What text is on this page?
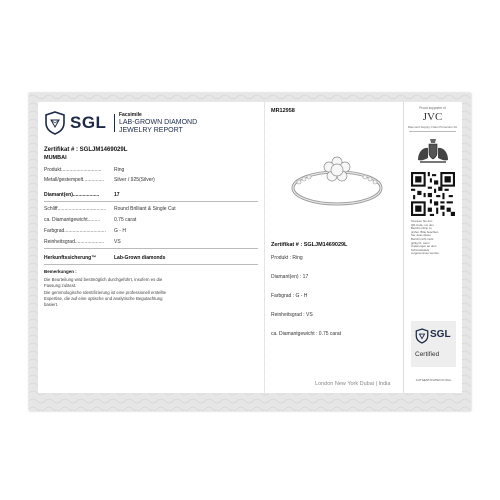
SGL	Facsimile
LAB-GROWN DIAMOND
JEWELRY REPORT
Zertifikat # : SGLJM1469029L
MUMBAI
Produkt............................. Ring
Metall/gestempelt............... Silver / 925(Silver)
Diamant(en)...................	17
Schliff................................... Round Brilliant & Single Cut
ca. Diamantgewicht.........	0.75 carat
Farbgrad.............................. G - H
Reinheitsgrad..................... VS
Herkunftssicherung™	Lab-Grown diamonds
Bemerkungen :
Die Beurteilung wird bestmöglich durchgeführt, insofern es die
Fassung zulässt.
Die gemmologische Identifizierung ist eine professionell erstellte
Expertise, die auf eine optische und analytische Begutachtung
basiert.
MR12958
Zertifikat # : SGLJM1469029L
Produkt : Ring
Diamant(en) : 17
Farbgrad : G - H
Reinheitsgrad : VS
ca. Diamantgewicht : 0.75 carat
London New York Dubai | India
Proud supporter of
JVC
Diamond Supply Chain Protection Kit
Scannen Sie den
QR-Code, um den
Bericht online zu
prüfen. Bitte beachten
Sie, dass dieser
Bericht nicht mehr
gültig ist, wenn
Änderungen an dem
Schmuckstück
vorgenommen wurden.
SGL
Certified
AUTHENTICATED IN SGL
